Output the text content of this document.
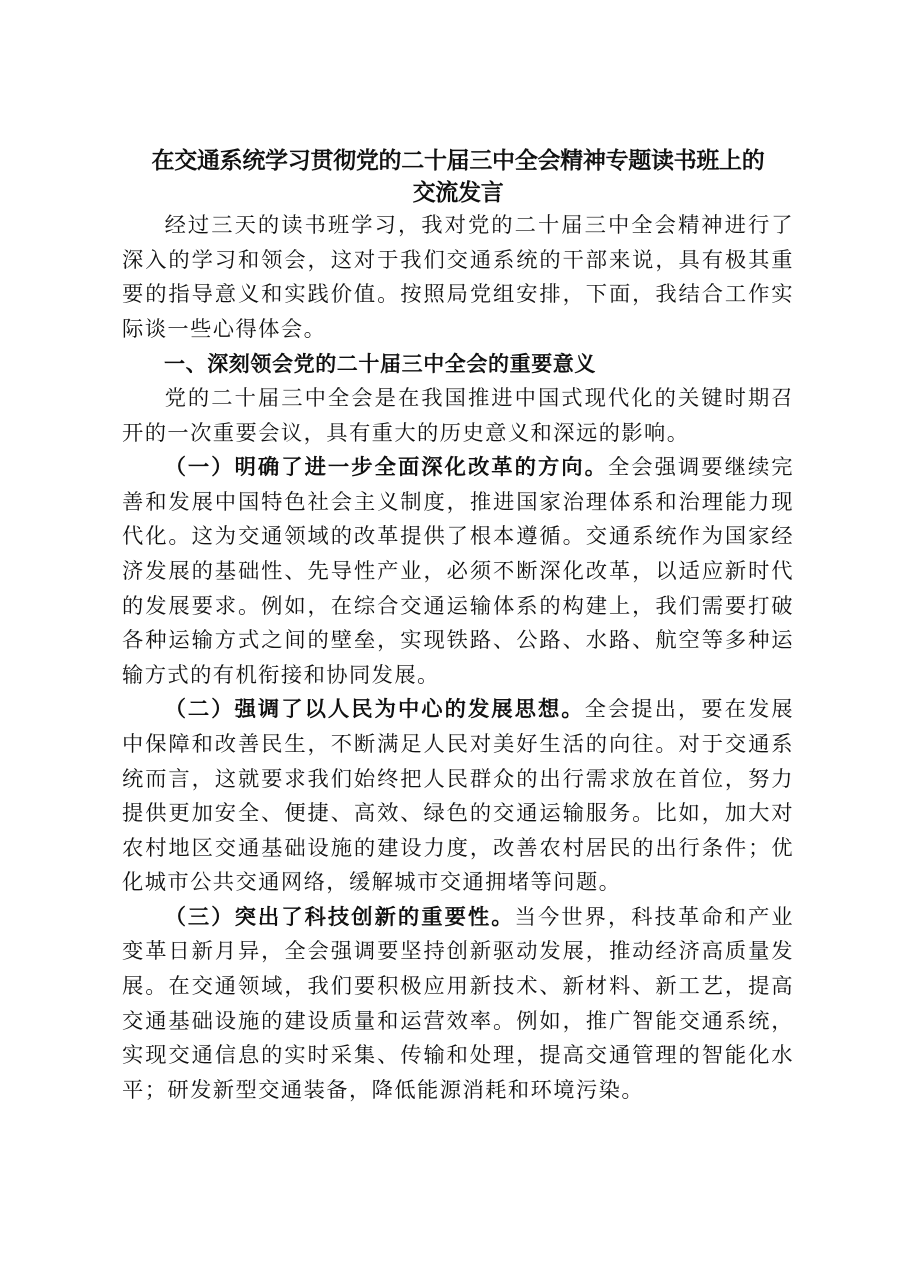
在交通系统学习贯彻党的二十届三中全会精神专题读书班上的
交流发言

经过三天的读书班学习，我对党的二十届三中全会精神进行了深入的学习和领会，这对于我们交通系统的干部来说，具有极其重要的指导意义和实践价值。按照局党组安排，下面，我结合工作实际谈一些心得体会。

一、深刻领会党的二十届三中全会的重要意义

党的二十届三中全会是在我国推进中国式现代化的关键时期召开的一次重要会议，具有重大的历史意义和深远的影响。

（一）明确了进一步全面深化改革的方向。全会强调要继续完善和发展中国特色社会主义制度，推进国家治理体系和治理能力现代化。这为交通领域的改革提供了根本遵循。交通系统作为国家经济发展的基础性、先导性产业，必须不断深化改革，以适应新时代的发展要求。例如，在综合交通运输体系的构建上，我们需要打破各种运输方式之间的壁垒，实现铁路、公路、水路、航空等多种运输方式的有机衔接和协同发展。

（二）强调了以人民为中心的发展思想。全会提出，要在发展中保障和改善民生，不断满足人民对美好生活的向往。对于交通系统而言，这就要求我们始终把人民群众的出行需求放在首位，努力提供更加安全、便捷、高效、绿色的交通运输服务。比如，加大对农村地区交通基础设施的建设力度，改善农村居民的出行条件；优化城市公共交通网络，缓解城市交通拥堵等问题。

（三）突出了科技创新的重要性。当今世界，科技革命和产业变革日新月异，全会强调要坚持创新驱动发展，推动经济高质量发展。在交通领域，我们要积极应用新技术、新材料、新工艺，提高交通基础设施的建设质量和运营效率。例如，推广智能交通系统，实现交通信息的实时采集、传输和处理，提高交通管理的智能化水平；研发新型交通装备，降低能源消耗和环境污染。
